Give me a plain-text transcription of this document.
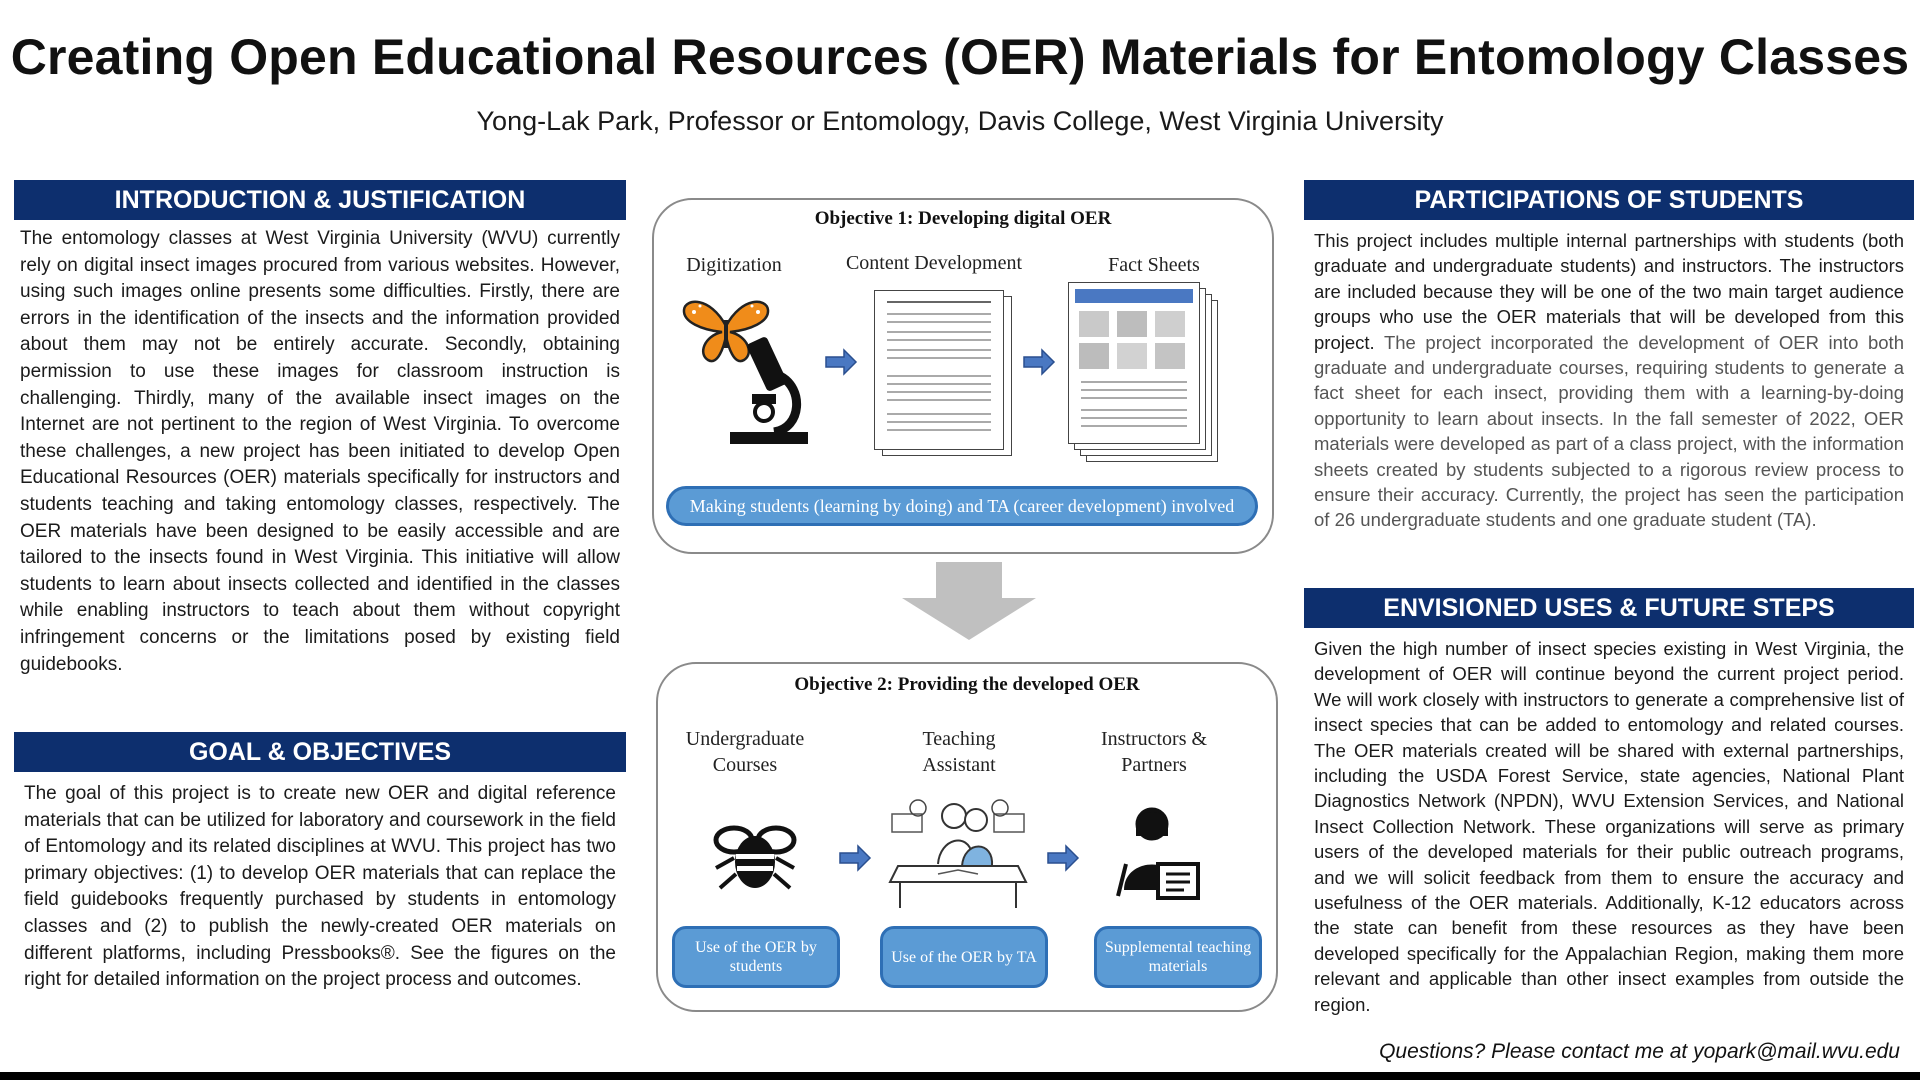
Creating Open Educational Resources (OER) Materials for Entomology Classes
Yong-Lak Park, Professor or Entomology, Davis College, West Virginia University
INTRODUCTION & JUSTIFICATION
The entomology classes at West Virginia University (WVU) currently rely on digital insect images procured from various websites. However, using such images online presents some difficulties. Firstly, there are errors in the identification of the insects and the information provided about them may not be entirely accurate. Secondly, obtaining permission to use these images for classroom instruction is challenging. Thirdly, many of the available insect images on the Internet are not pertinent to the region of West Virginia. To overcome these challenges, a new project has been initiated to develop Open Educational Resources (OER) materials specifically for instructors and students teaching and taking entomology classes, respectively. The OER materials have been designed to be easily accessible and are tailored to the insects found in West Virginia. This initiative will allow students to learn about insects collected and identified in the classes while enabling instructors to teach about them without copyright infringement concerns or the limitations posed by existing field guidebooks.
GOAL & OBJECTIVES
The goal of this project is to create new OER and digital reference materials that can be utilized for laboratory and coursework in the field of Entomology and its related disciplines at WVU. This project has two primary objectives: (1) to develop OER materials that can replace the field guidebooks frequently purchased by students in entomology classes and (2) to publish the newly-created OER materials on different platforms, including Pressbooks®. See the figures on the right for detailed information on the project process and outcomes.
PARTICIPATIONS OF STUDENTS
This project includes multiple internal partnerships with students (both graduate and undergraduate students) and instructors. The instructors are included because they will be one of the two main target audience groups who use the OER materials that will be developed from this project. The project incorporated the development of OER into both graduate and undergraduate courses, requiring students to generate a fact sheet for each insect, providing them with a learning-by-doing opportunity to learn about insects. In the fall semester of 2022, OER materials were developed as part of a class project, with the information sheets created by students subjected to a rigorous review process to ensure their accuracy. Currently, the project has seen the participation of 26 undergraduate students and one graduate student (TA).
ENVISIONED USES & FUTURE STEPS
Given the high number of insect species existing in West Virginia, the development of OER will continue beyond the current project period. We will work closely with instructors to generate a comprehensive list of insect species that can be added to entomology and related courses. The OER materials created will be shared with external partnerships, including the USDA Forest Service, state agencies, National Plant Diagnostics Network (NPDN), WVU Extension Services, and National Insect Collection Network. These organizations will serve as primary users of the developed materials for their public outreach programs, and we will solicit feedback from them to ensure the accuracy and usefulness of the OER materials. Additionally, K-12 educators across the state can benefit from these resources as they have been developed specifically for the Appalachian Region, making them more relevant and applicable than other insect examples from outside the region.
Objective 1: Developing digital OER
Digitization	Content Development	Fact Sheets
Making students (learning by doing) and TA (career development) involved
Objective 2: Providing the developed OER
Undergraduate Courses
Teaching Assistant
Instructors & Partners
Use of the OER by students
Use of the OER by TA
Supplemental teaching materials
Questions? Please contact me at yopark@mail.wvu.edu
